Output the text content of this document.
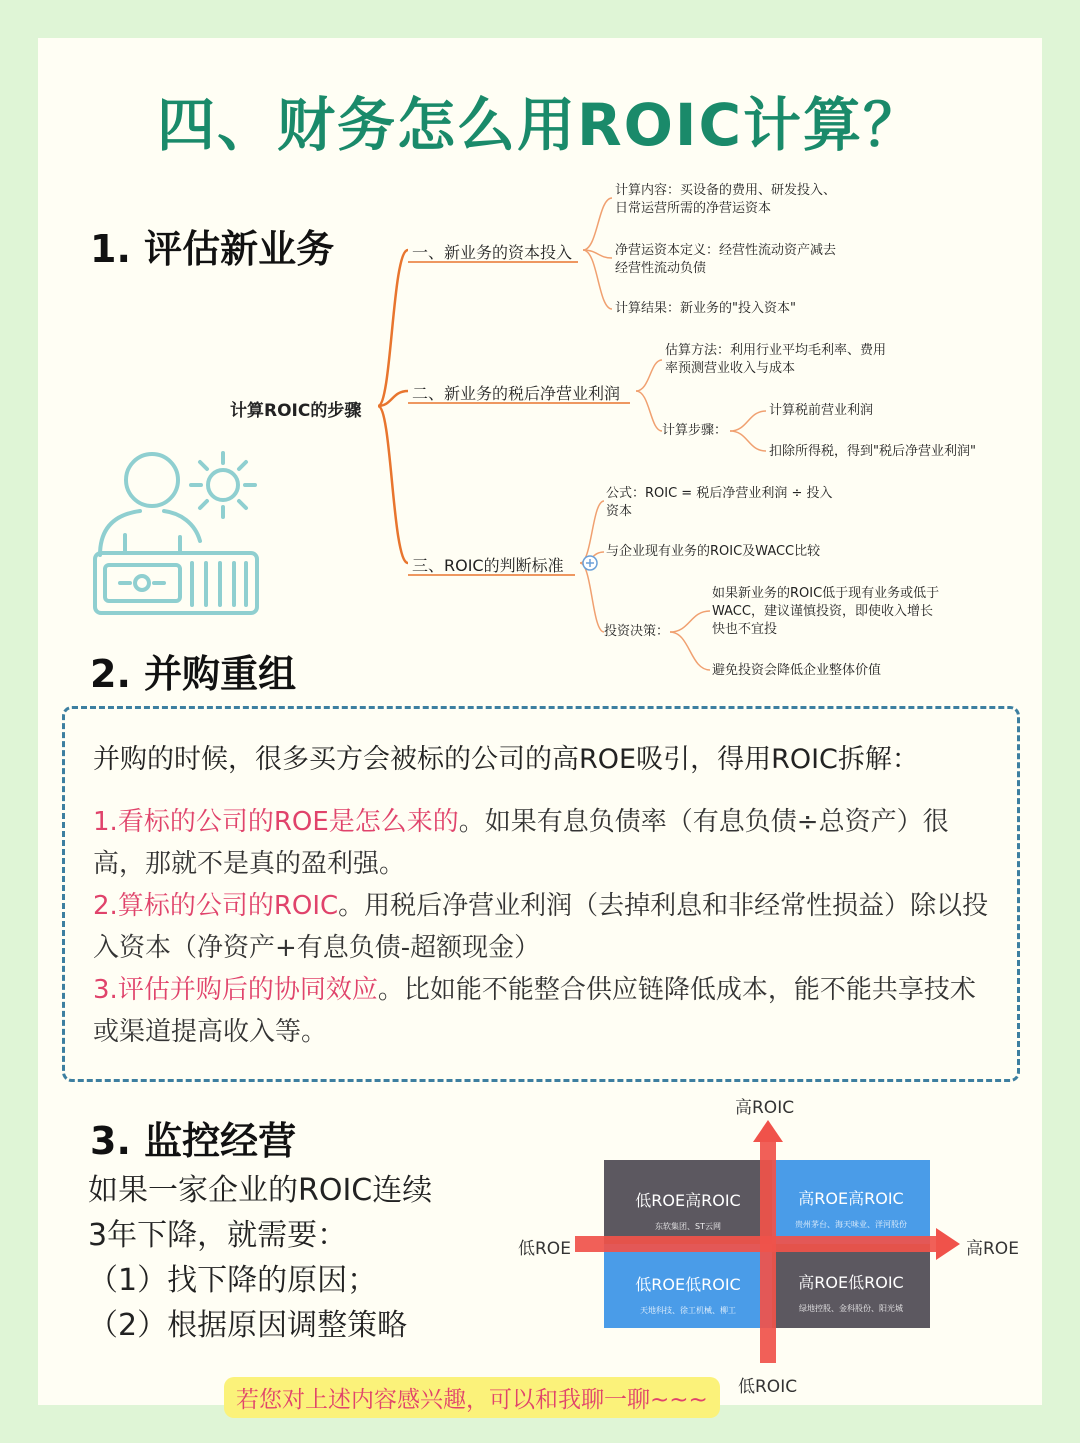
四、财务怎么用ROIC计算？
1. 评估新业务
计算ROIC的步骤
一、新业务的资本投入
计算内容：买设备的费用、研发投入、
日常运营所需的净营运资本
净营运资本定义：经营性流动资产减去
经营性流动负债
计算结果：新业务的"投入资本"
二、新业务的税后净营业利润
估算方法：利用行业平均毛利率、费用
率预测营业收入与成本
计算步骤：
计算税前营业利润
扣除所得税，得到"税后净营业利润"
三、ROIC的判断标准
公式：ROIC = 税后净营业利润 ÷ 投入
资本
与企业现有业务的ROIC及WACC比较
投资决策：
如果新业务的ROIC低于现有业务或低于
WACC，建议谨慎投资，即使收入增长
快也不宜投
避免投资会降低企业整体价值
2. 并购重组
并购的时候，很多买方会被标的公司的高ROE吸引，得用ROIC拆解：
1.看标的公司的ROE是怎么来的。如果有息负债率（有息负债÷总资产）很高，那就不是真的盈利强。
2.算标的公司的ROIC。用税后净营业利润（去掉利息和非经常性损益）除以投入资本（净资产+有息负债-超额现金）
3.评估并购后的协同效应。比如能不能整合供应链降低成本，能不能共享技术或渠道提高收入等。
3. 监控经营
如果一家企业的ROIC连续
3年下降，就需要：
（1）找下降的原因；
（2）根据原因调整策略
低ROE高ROIC
东软集团、ST云网
高ROE高ROIC
贵州茅台、海天味业、洋河股份
低ROE低ROIC
天地科技、徐工机械、柳工
高ROE低ROIC
绿地控股、金科股份、阳光城
高ROIC
低ROIC
低ROE	高ROE
若您对上述内容感兴趣，可以和我聊一聊~~~
